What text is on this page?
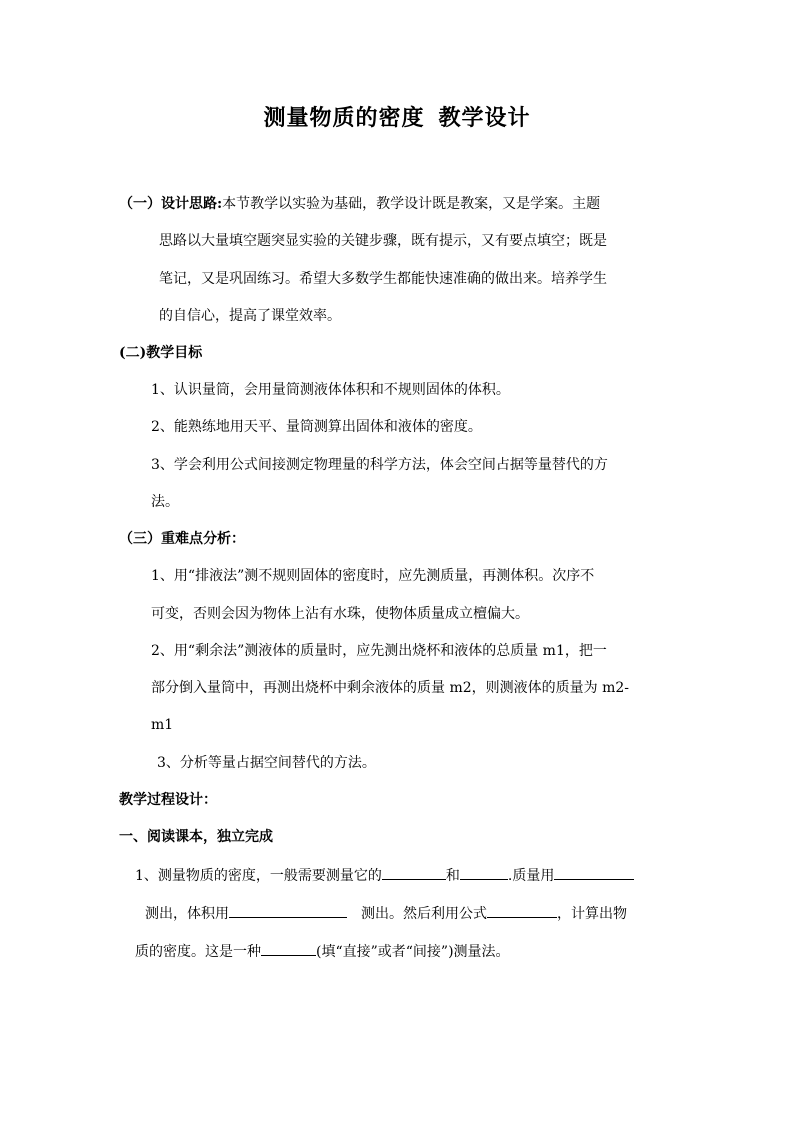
测量物质的密度 教学设计
（一）设计思路:本节教学以实验为基础，教学设计既是教案，又是学案。主题
思路以大量填空题突显实验的关键步骤，既有提示，又有要点填空；既是
笔记，又是巩固练习。希望大多数学生都能快速准确的做出来。培养学生
的自信心，提高了课堂效率。
(二)教学目标
1、认识量筒，会用量筒测液体体积和不规则固体的体积。
2、能熟练地用天平、量筒测算出固体和液体的密度。
3、学会利用公式间接测定物理量的科学方法，体会空间占据等量替代的方
法。
（三）重难点分析：
1、用“排液法”测不规则固体的密度时，应先测质量，再测体积。次序不
可变，否则会因为物体上沾有水珠，使物体质量成立檀偏大。
2、用“剩余法”测液体的质量时，应先测出烧杯和液体的总质量 m1，把一
部分倒入量筒中，再测出烧杯中剩余液体的质量 m2，则测液体的质量为 m2-
m1
3、分析等量占据空间替代的方法。
教学过程设计：
一、阅读课本，独立完成
1、测量物质的密度，一般需要测量它的	和	.质量用
测出，体积用	测出。然后利用公式	，计算出物
质的密度。这是一种	(填“直接”或者“间接”)测量法。
